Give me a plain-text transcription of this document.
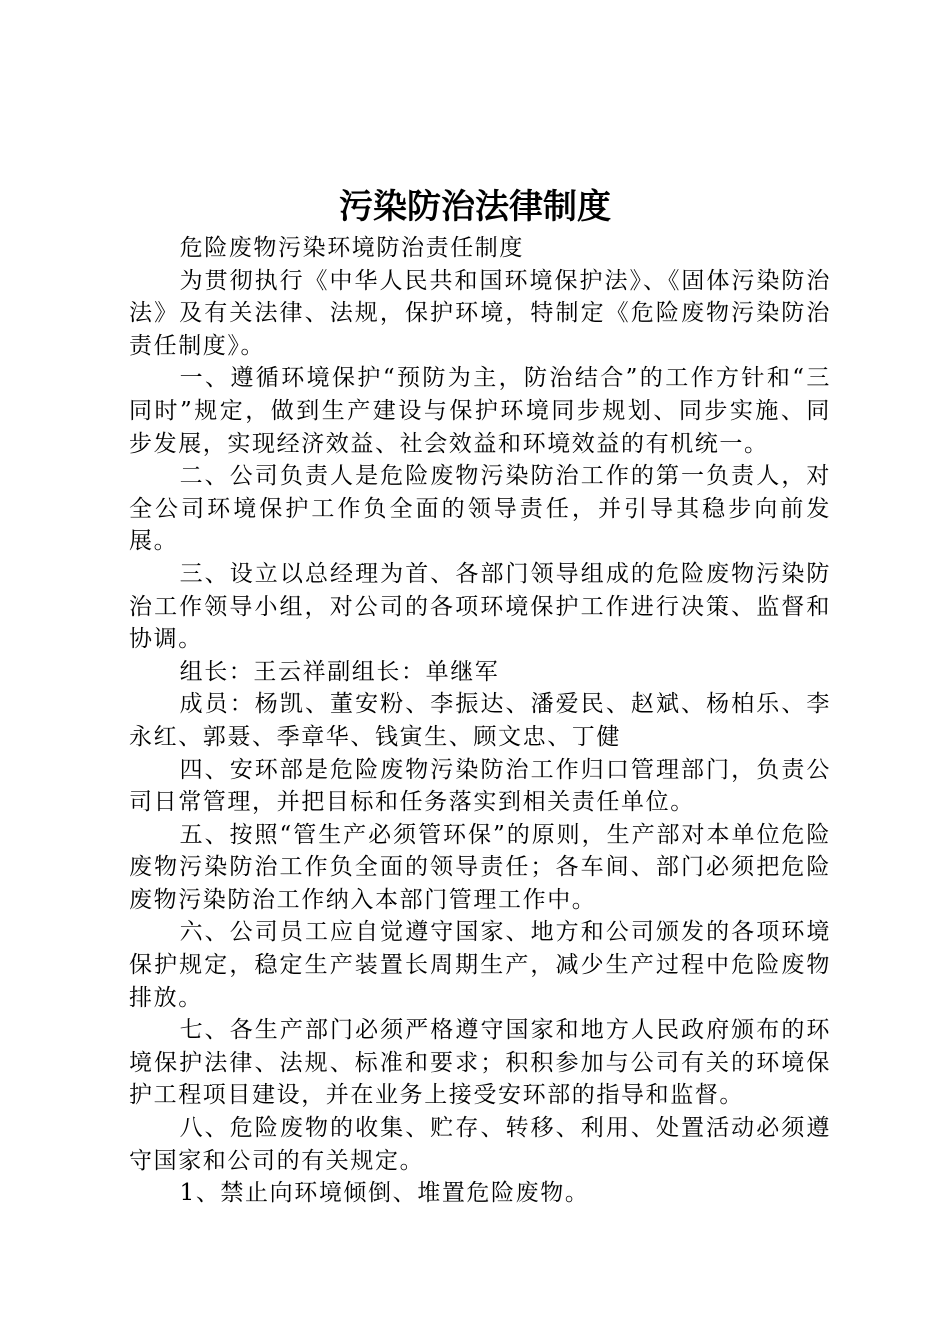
污染防治法律制度

危险废物污染环境防治责任制度

为贯彻执行《中华人民共和国环境保护法》、《固体污染防治法》及有关法律、法规，保护环境，特制定《危险废物污染防治责任制度》。

一、遵循环境保护“预防为主，防治结合”的工作方针和“三同时”规定，做到生产建设与保护环境同步规划、同步实施、同步发展，实现经济效益、社会效益和环境效益的有机统一。

二、公司负责人是危险废物污染防治工作的第一负责人，对全公司环境保护工作负全面的领导责任，并引导其稳步向前发展。

三、设立以总经理为首、各部门领导组成的危险废物污染防治工作领导小组，对公司的各项环境保护工作进行决策、监督和协调。

组长：王云祥副组长：单继军

成员：杨凯、董安粉、李振达、潘爱民、赵斌、杨柏乐、李永红、郭聂、季章华、钱寅生、顾文忠、丁健

四、安环部是危险废物污染防治工作归口管理部门，负责公司日常管理，并把目标和任务落实到相关责任单位。

五、按照“管生产必须管环保”的原则，生产部对本单位危险废物污染防治工作负全面的领导责任；各车间、部门必须把危险废物污染防治工作纳入本部门管理工作中。

六、公司员工应自觉遵守国家、地方和公司颁发的各项环境保护规定，稳定生产装置长周期生产，减少生产过程中危险废物排放。

七、各生产部门必须严格遵守国家和地方人民政府颁布的环境保护法律、法规、标准和要求；积积参加与公司有关的环境保护工程项目建设，并在业务上接受安环部的指导和监督。

八、危险废物的收集、贮存、转移、利用、处置活动必须遵守国家和公司的有关规定。

1、禁止向环境倾倒、堆置危险废物。
